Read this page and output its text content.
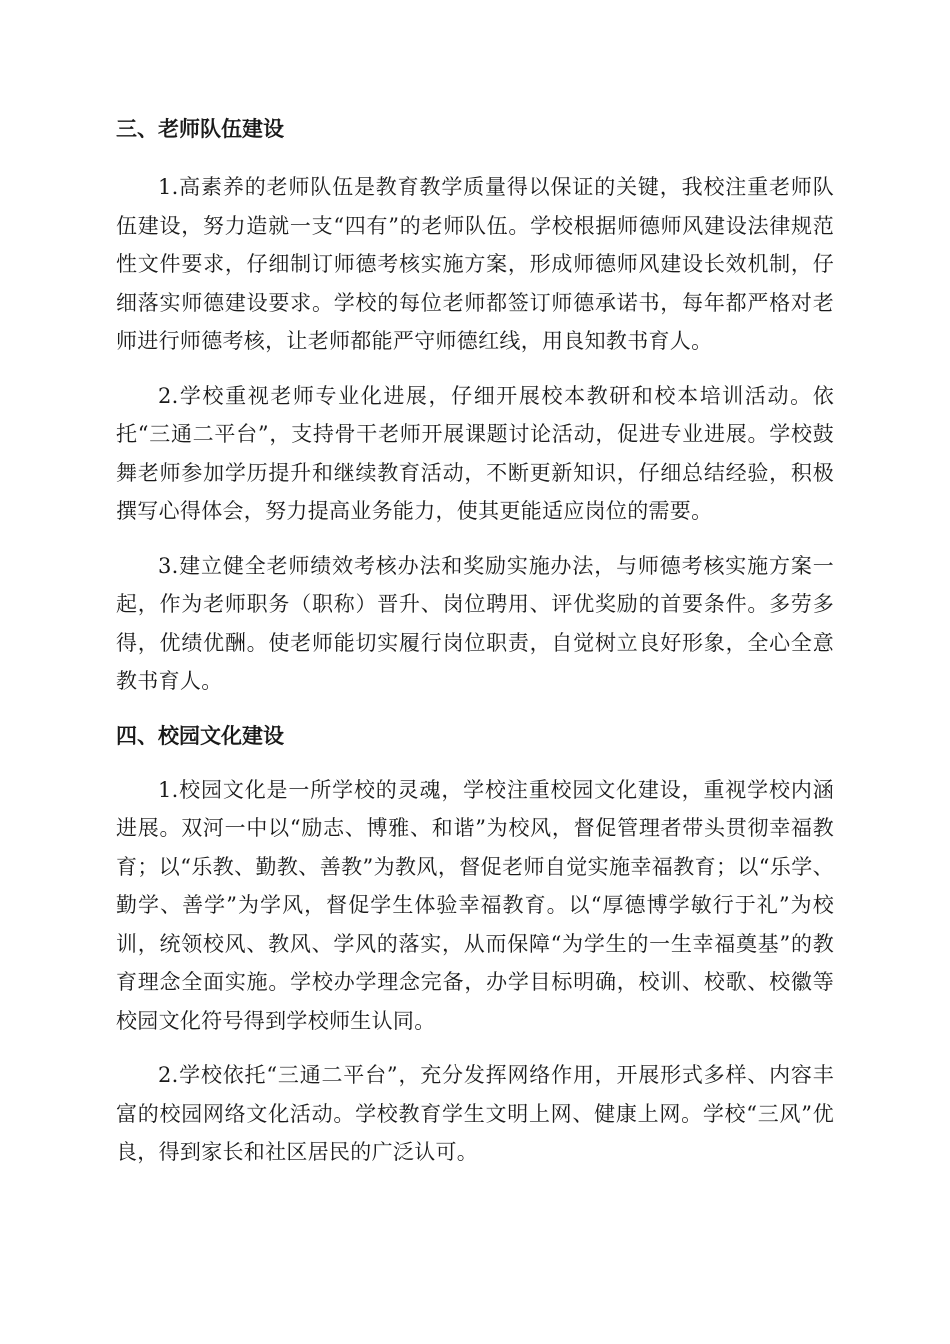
三、老师队伍建设

1.高素养的老师队伍是教育教学质量得以保证的关键，我校注重老师队伍建设，努力造就一支“四有”的老师队伍。学校根据师德师风建设法律规范性文件要求，仔细制订师德考核实施方案，形成师德师风建设长效机制，仔细落实师德建设要求。学校的每位老师都签订师德承诺书，每年都严格对老师进行师德考核，让老师都能严守师德红线，用良知教书育人。

2.学校重视老师专业化进展，仔细开展校本教研和校本培训活动。依托“三通二平台”，支持骨干老师开展课题讨论活动，促进专业进展。学校鼓舞老师参加学历提升和继续教育活动，不断更新知识，仔细总结经验，积极撰写心得体会，努力提高业务能力，使其更能适应岗位的需要。

3.建立健全老师绩效考核办法和奖励实施办法，与师德考核实施方案一起，作为老师职务（职称）晋升、岗位聘用、评优奖励的首要条件。多劳多得，优绩优酬。使老师能切实履行岗位职责，自觉树立良好形象，全心全意教书育人。

四、校园文化建设

1.校园文化是一所学校的灵魂，学校注重校园文化建设，重视学校内涵进展。双河一中以“励志、博雅、和谐”为校风，督促管理者带头贯彻幸福教育；以“乐教、勤教、善教”为教风，督促老师自觉实施幸福教育；以“乐学、勤学、善学”为学风，督促学生体验幸福教育。以“厚德博学敏行于礼”为校训，统领校风、教风、学风的落实，从而保障“为学生的一生幸福奠基”的教育理念全面实施。学校办学理念完备，办学目标明确，校训、校歌、校徽等校园文化符号得到学校师生认同。

2.学校依托“三通二平台”，充分发挥网络作用，开展形式多样、内容丰富的校园网络文化活动。学校教育学生文明上网、健康上网。学校“三风”优良，得到家长和社区居民的广泛认可。
